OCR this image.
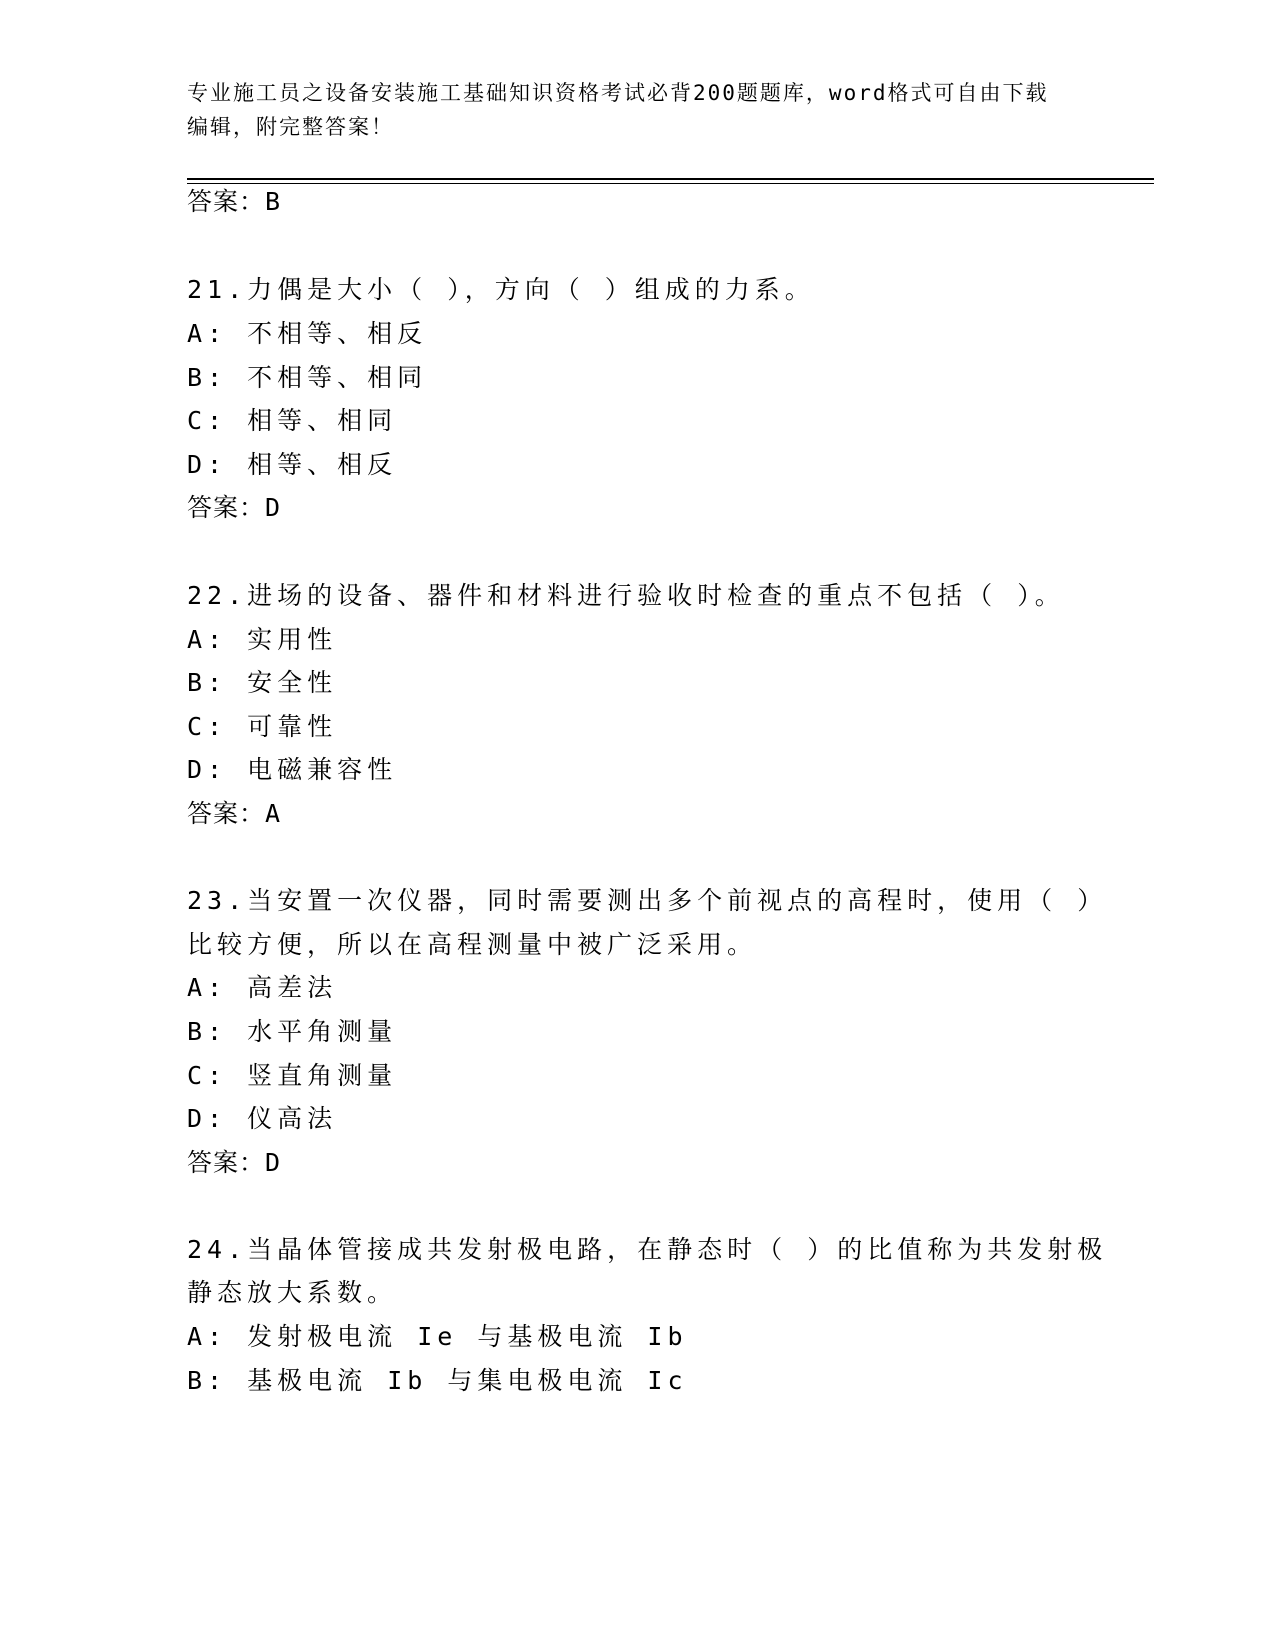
专业施工员之设备安装施工基础知识资格考试必背200题题库，word格式可自由下载编辑，附完整答案！
答案：B
21.力偶是大小（ ），方向（ ）组成的力系。
A: 不相等、相反
B: 不相等、相同
C: 相等、相同
D: 相等、相反
答案：D
22.进场的设备、器件和材料进行验收时检查的重点不包括（ ）。
A: 实用性
B: 安全性
C: 可靠性
D: 电磁兼容性
答案：A
23.当安置一次仪器，同时需要测出多个前视点的高程时，使用（ ）
比较方便，所以在高程测量中被广泛采用。
A: 高差法
B: 水平角测量
C: 竖直角测量
D: 仪高法
答案：D
24.当晶体管接成共发射极电路，在静态时（ ）的比值称为共发射极
静态放大系数。
A: 发射极电流 Ie 与基极电流 Ib
B: 基极电流 Ib 与集电极电流 Ic
